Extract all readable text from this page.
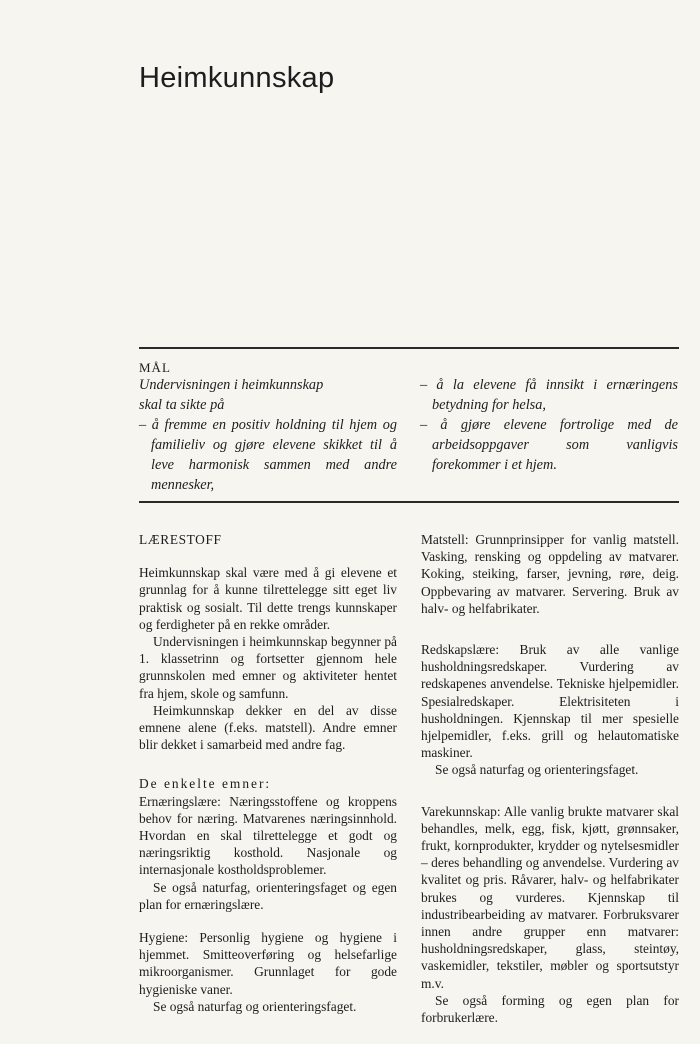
Heimkunnskap
MÅL

Undervisningen i heimkunnskap

skal ta sikte på

– å fremme en positiv holdning til hjem og familieliv og gjøre elevene skikket til å leve harmonisk sammen med andre mennesker,

– å la elevene få innsikt i ernæringens betydning for helsa,

– å gjøre elevene fortrolige med de arbeidsoppgaver som vanligvis forekommer i et hjem.

LÆRESTOFF

Heimkunnskap skal være med å gi elevene et grunnlag for å kunne tilrettelegge sitt eget liv praktisk og sosialt. Til dette trengs kunnskaper og ferdigheter på en rekke områder.

Undervisningen i heimkunnskap begynner på 1. klassetrinn og fortsetter gjennom hele grunnskolen med emner og aktiviteter hentet fra hjem, skole og samfunn.

Heimkunnskap dekker en del av disse emnene alene (f.eks. matstell). Andre emner blir dekket i samarbeid med andre fag.

De enkelte emner:

Ernæringslære: Næringsstoffene og kroppens behov for næring. Matvarenes næringsinnhold. Hvordan en skal tilrettelegge et godt og næringsriktig kosthold. Nasjonale og internasjonale kostholdsproblemer.

Se også naturfag, orienteringsfaget og egen plan for ernæringslære.

Hygiene: Personlig hygiene og hygiene i hjemmet. Smitteoverføring og helsefarlige mikroorganismer. Grunnlaget for gode hygieniske vaner.

Se også naturfag og orienteringsfaget.

Matstell: Grunnprinsipper for vanlig matstell. Vasking, rensking og oppdeling av matvarer. Koking, steiking, farser, jevning, røre, deig. Oppbevaring av matvarer. Servering. Bruk av halv- og helfabrikater.

Redskapslære: Bruk av alle vanlige husholdningsredskaper. Vurdering av redskapenes anvendelse. Tekniske hjelpemidler. Spesialredskaper. Elektrisiteten i husholdningen. Kjennskap til mer spesielle hjelpemidler, f.eks. grill og helautomatiske maskiner.

Se også naturfag og orienteringsfaget.

Varekunnskap: Alle vanlig brukte matvarer skal behandles, melk, egg, fisk, kjøtt, grønnsaker, frukt, kornprodukter, krydder og nytelsesmidler – deres behandling og anvendelse. Vurdering av kvalitet og pris. Råvarer, halv- og helfabrikater brukes og vurderes. Kjennskap til industribearbeiding av matvarer. Forbruksvarer innen andre grupper enn matvarer: husholdningsredskaper, glass, steintøy, vaskemidler, tekstiler, møbler og sportsutstyr m.v.

Se også forming og egen plan for forbrukerlære.
